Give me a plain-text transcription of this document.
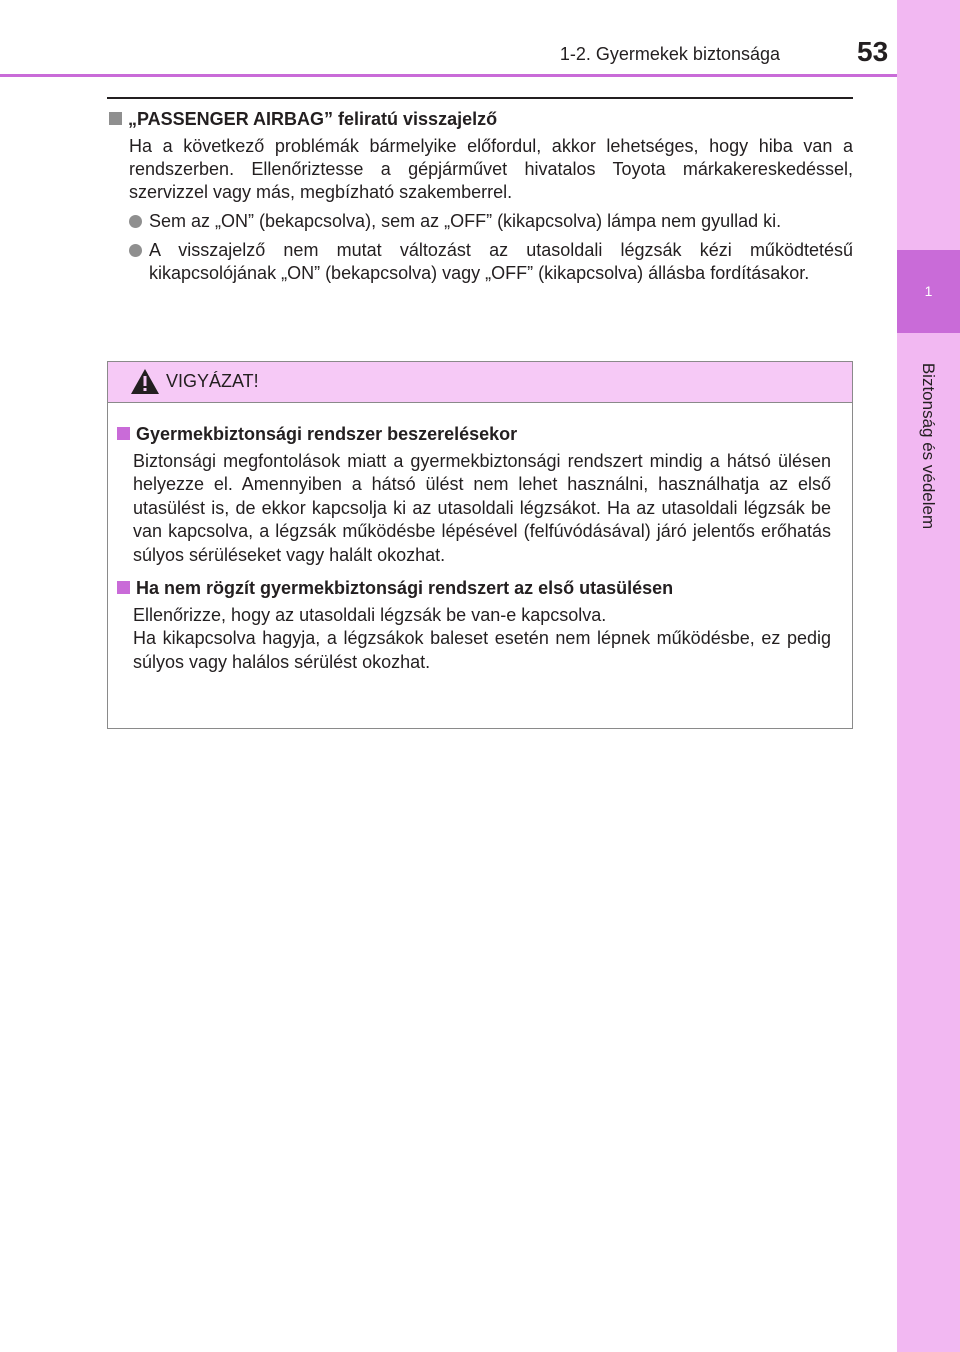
1
Biztonság és védelem
1-2. Gyermekek biztonsága	53

„PASSENGER AIRBAG” feliratú visszajelző

Ha a következő problémák bármelyike előfordul, akkor lehetséges, hogy hiba van a rendszerben. Ellenőriztesse a gépjárművet hivatalos Toyota márkakereskedéssel, szervizzel vagy más, megbízható szakemberrel.

Sem az „ON” (bekapcsolva), sem az „OFF” (kikapcsolva) lámpa nem gyullad ki.
A visszajelző nem mutat változást az utasoldali légzsák kézi működtetésű kikapcsolójának „ON” (bekapcsolva) vagy „OFF” (kikapcsolva) állásba fordításakor.
VIGYÁZAT!

Gyermekbiztonsági rendszer beszerelésekor

Biztonsági megfontolások miatt a gyermekbiztonsági rendszert mindig a hátsó ülésen helyezze el. Amennyiben a hátsó ülést nem lehet használni, használhatja az első utasülést is, de ekkor kapcsolja ki az utasoldali légzsákot. Ha az utasoldali légzsák be van kapcsolva, a légzsák működésbe lépésével (felfúvódásával) járó jelentős erőhatás súlyos sérüléseket vagy halált okozhat.

Ha nem rögzít gyermekbiztonsági rendszert az első utasülésen

Ellenőrizze, hogy az utasoldali légzsák be van-e kapcsolva.

Ha kikapcsolva hagyja, a légzsákok baleset esetén nem lépnek működésbe, ez pedig súlyos vagy halálos sérülést okozhat.
